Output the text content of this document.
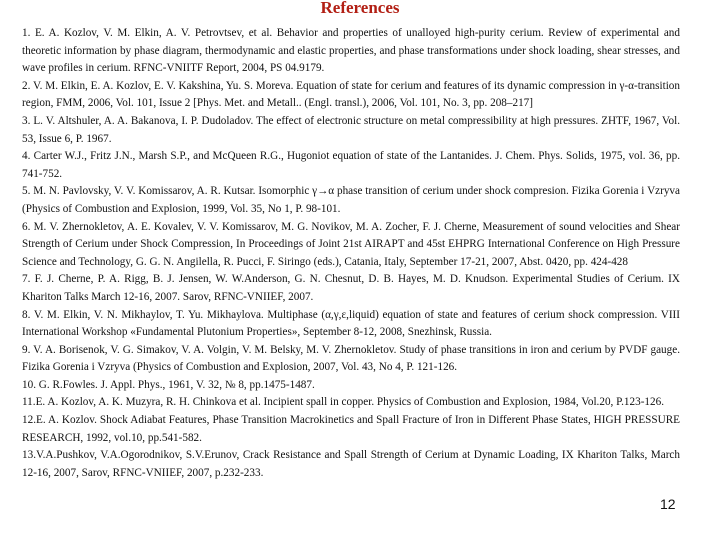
References

1. E. A. Kozlov, V. M. Elkin, A. V. Petrovtsev, et al. Behavior and properties of unalloyed high-purity cerium. Review of experimental and theoretic information by phase diagram, thermodynamic and elastic properties, and phase transformations under shock loading, shear stresses, and wave profiles in cerium. RFNC-VNIITF Report, 2004, PS 04.9179.

2. V. M. Elkin, E. A. Kozlov, E. V. Kakshina, Yu. S. Moreva. Equation of state for cerium and features of its dynamic compression in γ-α-transition region, FMM, 2006, Vol. 101, Issue 2 [Phys. Met. and Metall.. (Engl. transl.), 2006, Vol. 101, No. 3, pp. 208–217]

3. L. V. Altshuler, A. A. Bakanova, I. P. Dudoladov. The effect of electronic structure on metal compressibility at high pressures. ZHTF, 1967, Vol. 53, Issue 6, P. 1967.

4. Carter W.J., Fritz J.N., Marsh S.P., and McQueen R.G., Hugoniot equation of state of the Lantanides. J. Chem. Phys. Solids, 1975, vol. 36, pp. 741-752.

5. M. N. Pavlovsky, V. V. Komissarov, A. R. Kutsar. Isomorphic γ→α phase transition of cerium under shock compresion. Fizika Gorenia i Vzryva (Physics of Combustion and Explosion, 1999, Vol. 35, No 1, P. 98-101.

6. M. V. Zhernokletov, A. E. Kovalev, V. V. Komissarov, M. G. Novikov, M. A. Zocher, F. J. Cherne, Measurement of sound velocities and Shear Strength of Cerium under Shock Compression, In Proceedings of Joint 21st AIRAPT and 45st EHPRG International Conference on High Pressure Science and Technology, G. G. N. Angilella, R. Pucci, F. Siringo (eds.), Catania, Italy, September 17-21, 2007, Abst. 0420, pp. 424-428

7. F. J. Cherne, P. A. Rigg, B. J. Jensen, W. W.Anderson, G. N. Chesnut, D. B. Hayes, M. D. Knudson. Experimental Studies of Cerium. IX Khariton Talks March 12-16, 2007. Sarov, RFNC-VNIIEF, 2007.

8. V. M. Elkin, V. N. Mikhaylov, T. Yu. Mikhaylova. Multiphase (α,γ,ε,liquid) equation of state and features of cerium shock compression. VIII International Workshop «Fundamental Plutonium Properties», September 8-12, 2008, Snezhinsk, Russia.

9. V. A. Borisenok, V. G. Simakov, V. A. Volgin, V. M. Belsky, M. V. Zhernokletov. Study of phase transitions in iron and cerium by PVDF gauge. Fizika Gorenia i Vzryva (Physics of Combustion and Explosion, 2007, Vol. 43, No 4, P. 121-126.

10. G. R.Fowles. J. Appl. Phys., 1961, V. 32, № 8, pp.1475-1487.

11.E. A. Kozlov, A. K. Muzyra, R. H. Chinkova et al. Incipient spall in copper. Physics of Combustion and Explosion, 1984, Vol.20, P.123-126.

12.E. A. Kozlov. Shock Adiabat Features, Phase Transition Macrokinetics and Spall Fracture of Iron in Different Phase States, HIGH PRESSURE RESEARCH, 1992, vol.10, pp.541-582.

13.V.A.Pushkov, V.A.Ogorodnikov, S.V.Erunov, Crack Resistance and Spall Strength of Cerium at Dynamic Loading, IX Khariton Talks, March 12-16, 2007, Sarov, RFNC-VNIIEF, 2007, p.232-233.

12
